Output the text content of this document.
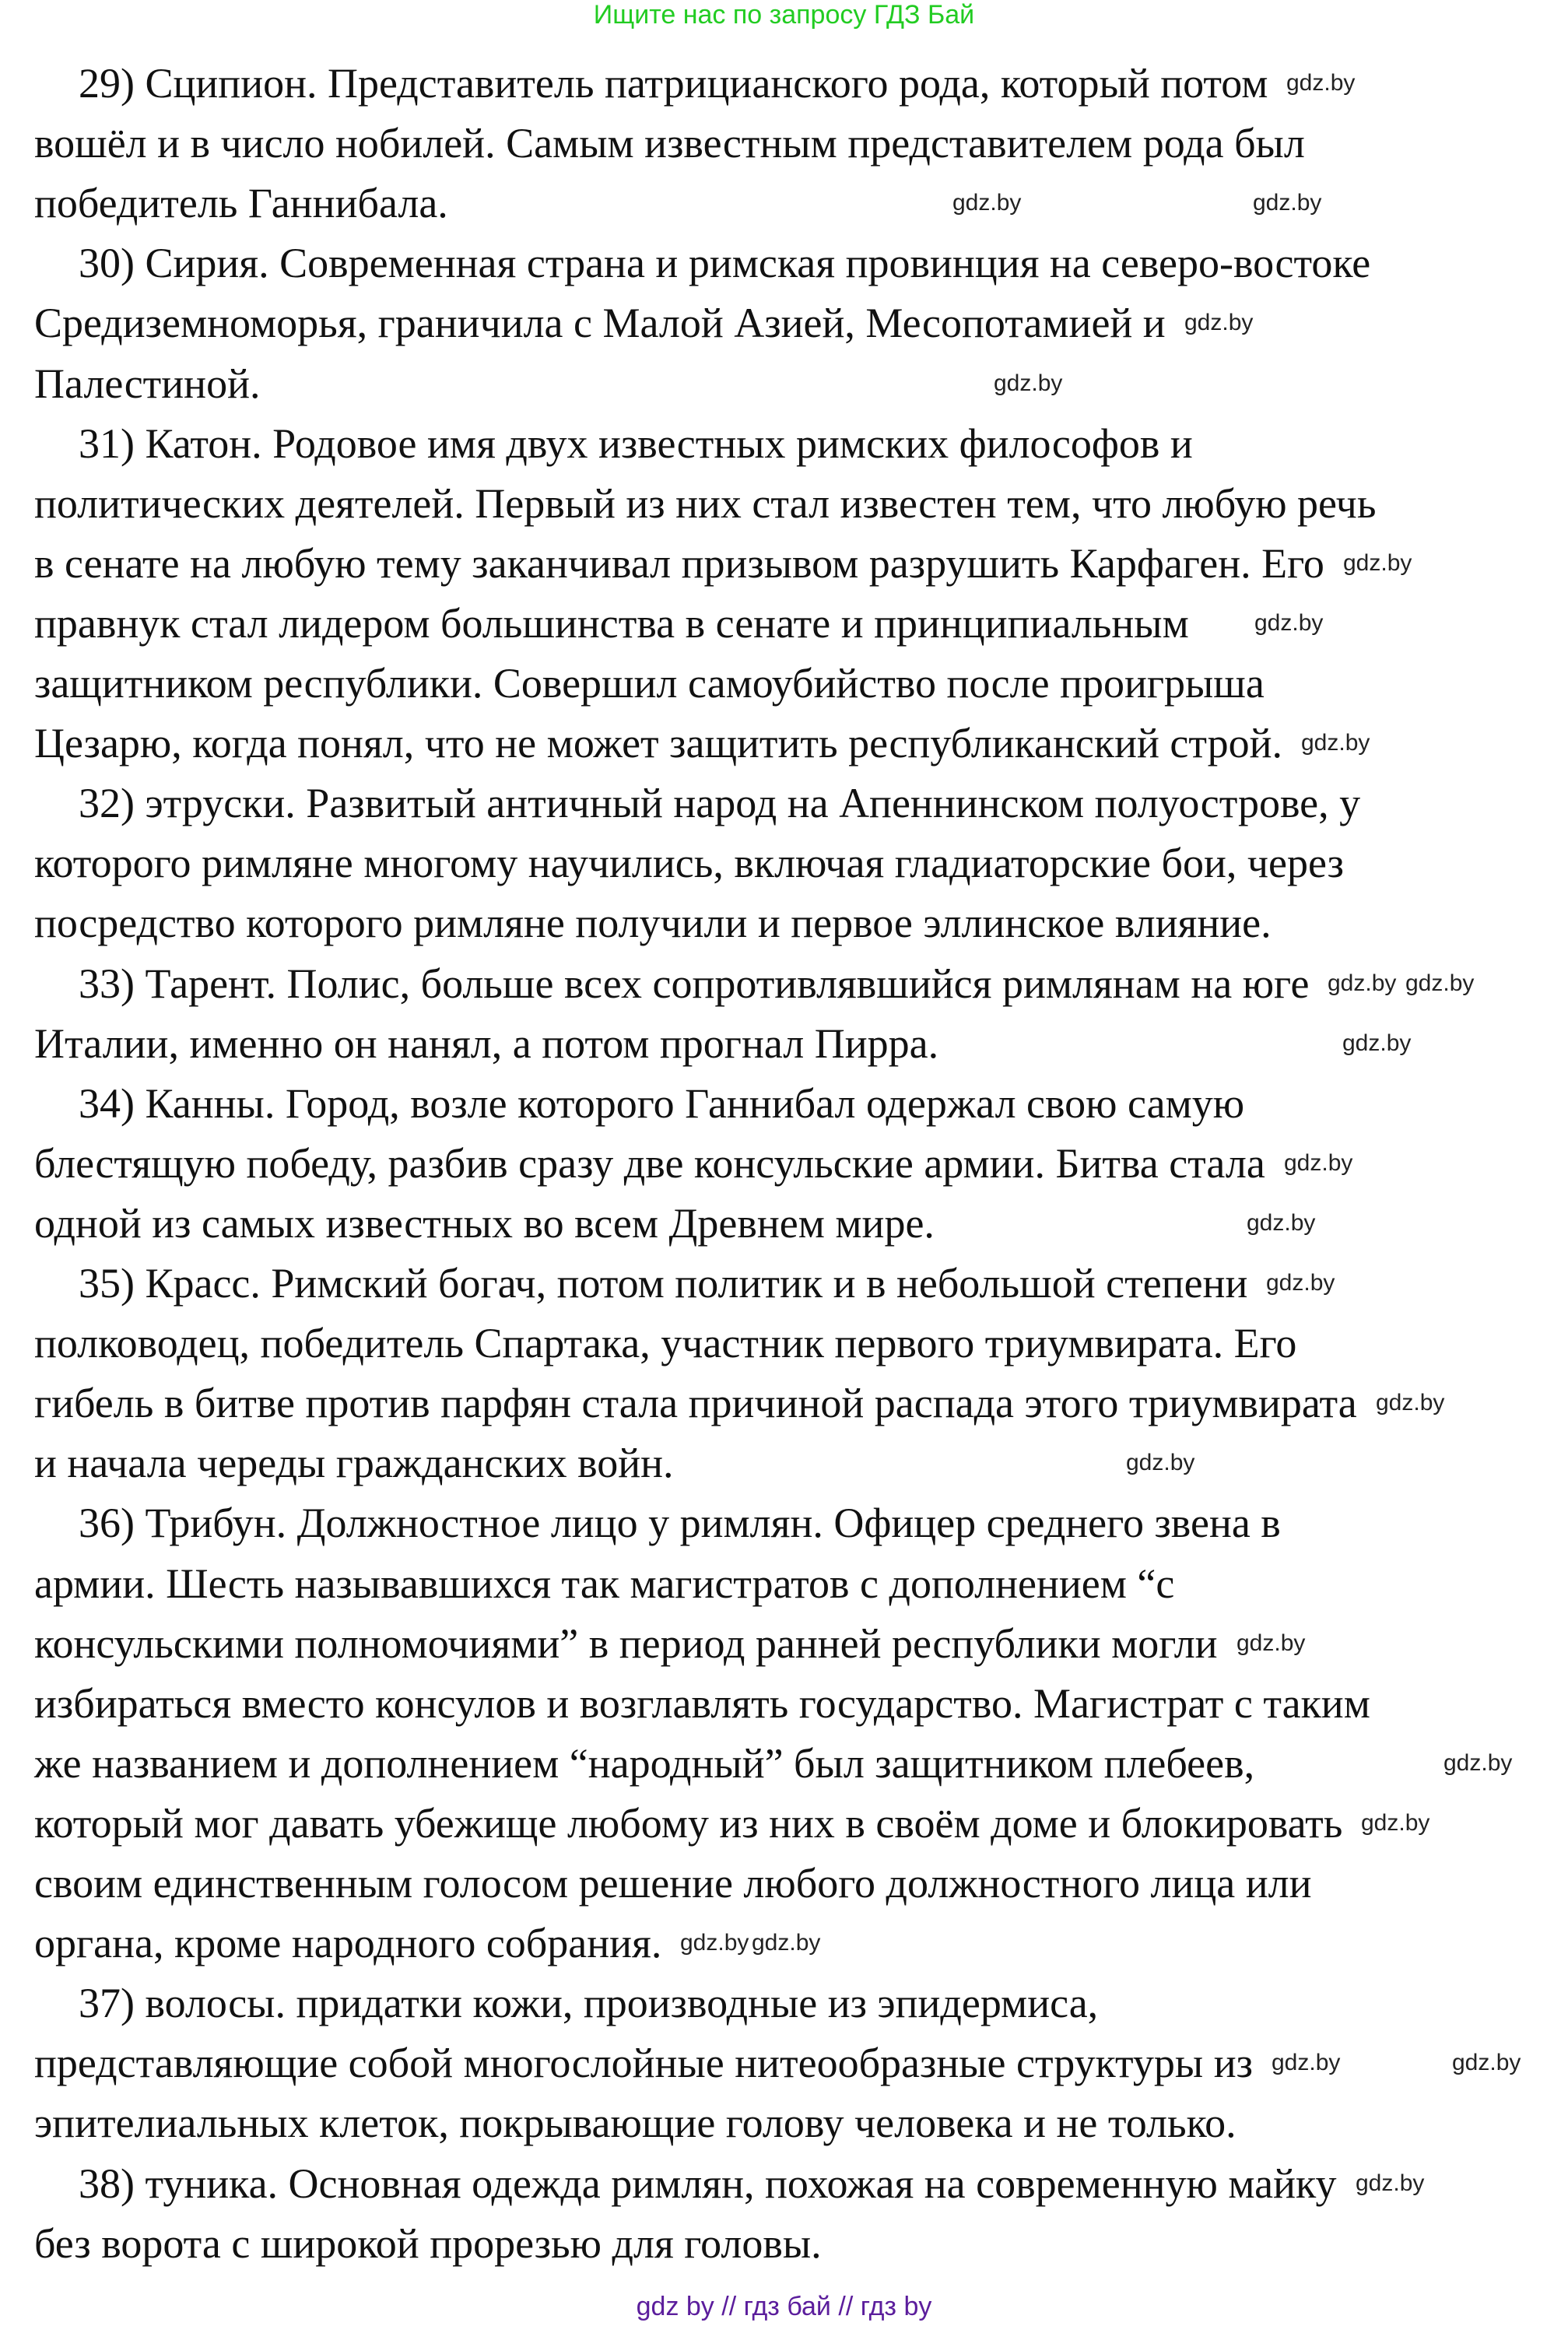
Ищите нас по запросу ГДЗ Бай
29) Сципион. Представитель патрицианского рода, который потом
вошёл и в число нобилей. Самым известным представителем рода был
победитель Ганнибала.
30) Сирия. Современная страна и римская провинция на северо-востоке
Средиземноморья, граничила с Малой Азией, Месопотамией и
Палестиной.
31) Катон. Родовое имя двух известных римских философов и
политических деятелей. Первый из них стал известен тем, что любую речь
в сенате на любую тему заканчивал призывом разрушить Карфаген. Его
правнук стал лидером большинства в сенате и принципиальным
защитником республики. Совершил самоубийство после проигрыша
Цезарю, когда понял, что не может защитить республиканский строй.
32) этруски. Развитый античный народ на Апеннинском полуострове, у
которого римляне многому научились, включая гладиаторские бои, через
посредство которого римляне получили и первое эллинское влияние.
33) Тарент. Полис, больше всех сопротивлявшийся римлянам на юге
Италии, именно он нанял, а потом прогнал Пирра.
34) Канны. Город, возле которого Ганнибал одержал свою самую
блестящую победу, разбив сразу две консульские армии. Битва стала
одной из самых известных во всем Древнем мире.
35) Красс. Римский богач, потом политик и в небольшой степени
полководец, победитель Спартака, участник первого триумвирата. Его
гибель в битве против парфян стала причиной распада этого триумвирата
и начала череды гражданских войн.
36) Трибун. Должностное лицо у римлян. Офицер среднего звена в
армии. Шесть называвшихся так магистратов с дополнением “с
консульскими полномочиями” в период ранней республики могли
избираться вместо консулов и возглавлять государство. Магистрат с таким
же названием и дополнением “народный” был защитником плебеев,
который мог давать убежище любому из них в своём доме и блокировать
своим единственным голосом решение любого должностного лица или
органа, кроме народного собрания.
37) волосы. придатки кожи, производные из эпидермиса,
представляющие собой многослойные нитеообразные структуры из
эпителиальных клеток, покрывающие голову человека и не только.
38) туника. Основная одежда римлян, похожая на современную майку
без ворота с широкой прорезью для головы.
gdz.by
gdz.by	gdz.by
gdz.by
gdz.by
gdz.by
gdz.by
gdz.by
gdz.by gdz.by
gdz.by
gdz.by
gdz.by
gdz.by
gdz.by
gdz.by
gdz.by
gdz.by
gdz.by
gdz.by gdz.by
gdz.by	gdz.by
gdz.by
gdz by // гдз бай // гдз by
